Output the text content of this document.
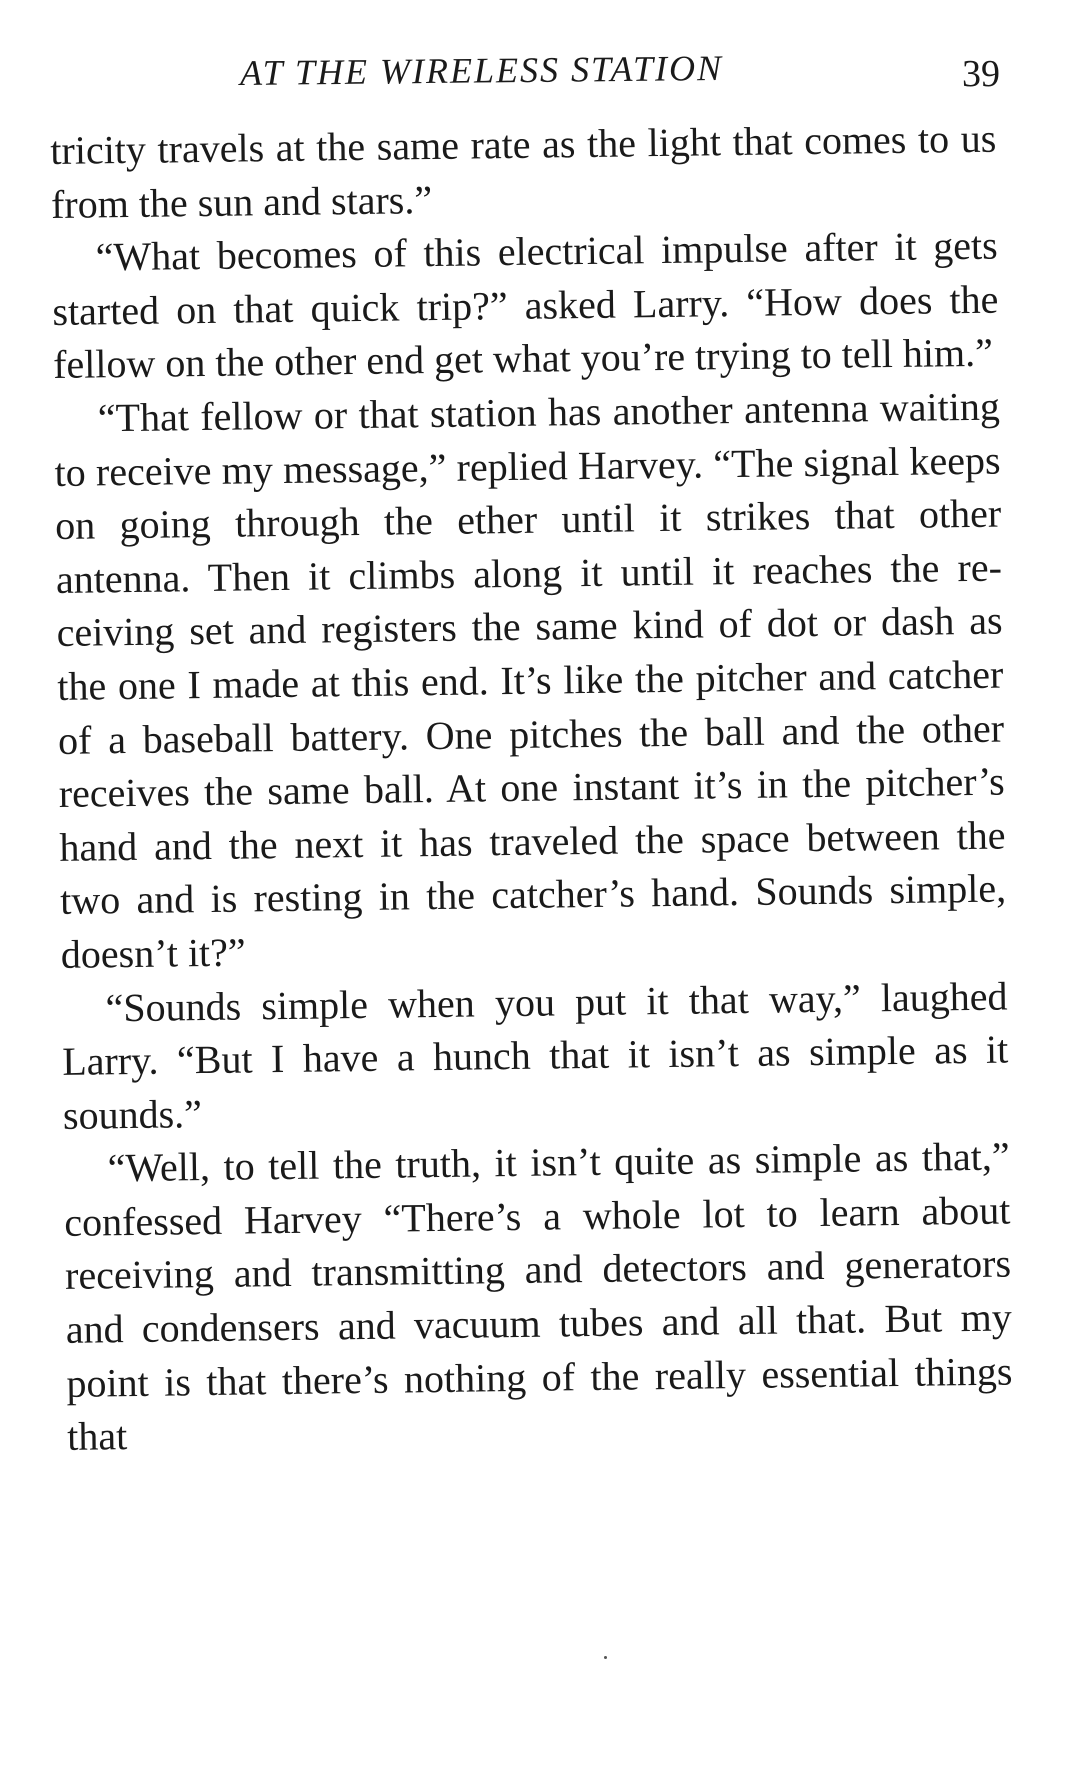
AT THE WIRELESS STATION	39

tricity travels at the same rate as the light that comes to us from the sun and stars.”

“What becomes of this electrical impulse after it gets started on that quick trip?” asked Larry. “How does the fellow on the other end get what you’re trying to tell him.”

“That fellow or that station has another antenna waiting to receive my message,” replied Harvey. “The signal keeps on going through the ether until it strikes that other antenna. Then it climbs along it until it reaches the receiving set and registers the same kind of dot or dash as the one I made at this end. It’s like the pitcher and catcher of a baseball battery. One pitches the ball and the other receives the same ball. At one instant it’s in the pitcher’s hand and the next it has traveled the space between the two and is resting in the catcher’s hand. Sounds simple, doesn’t it?”

“Sounds simple when you put it that way,” laughed Larry. “But I have a hunch that it isn’t as simple as it sounds.”

“Well, to tell the truth, it isn’t quite as simple as that,” confessed Harvey “There’s a whole lot to learn about receiving and transmitting and detectors and generators and condensers and vacuum tubes and all that. But my point is that there’s nothing of the really essential things that
